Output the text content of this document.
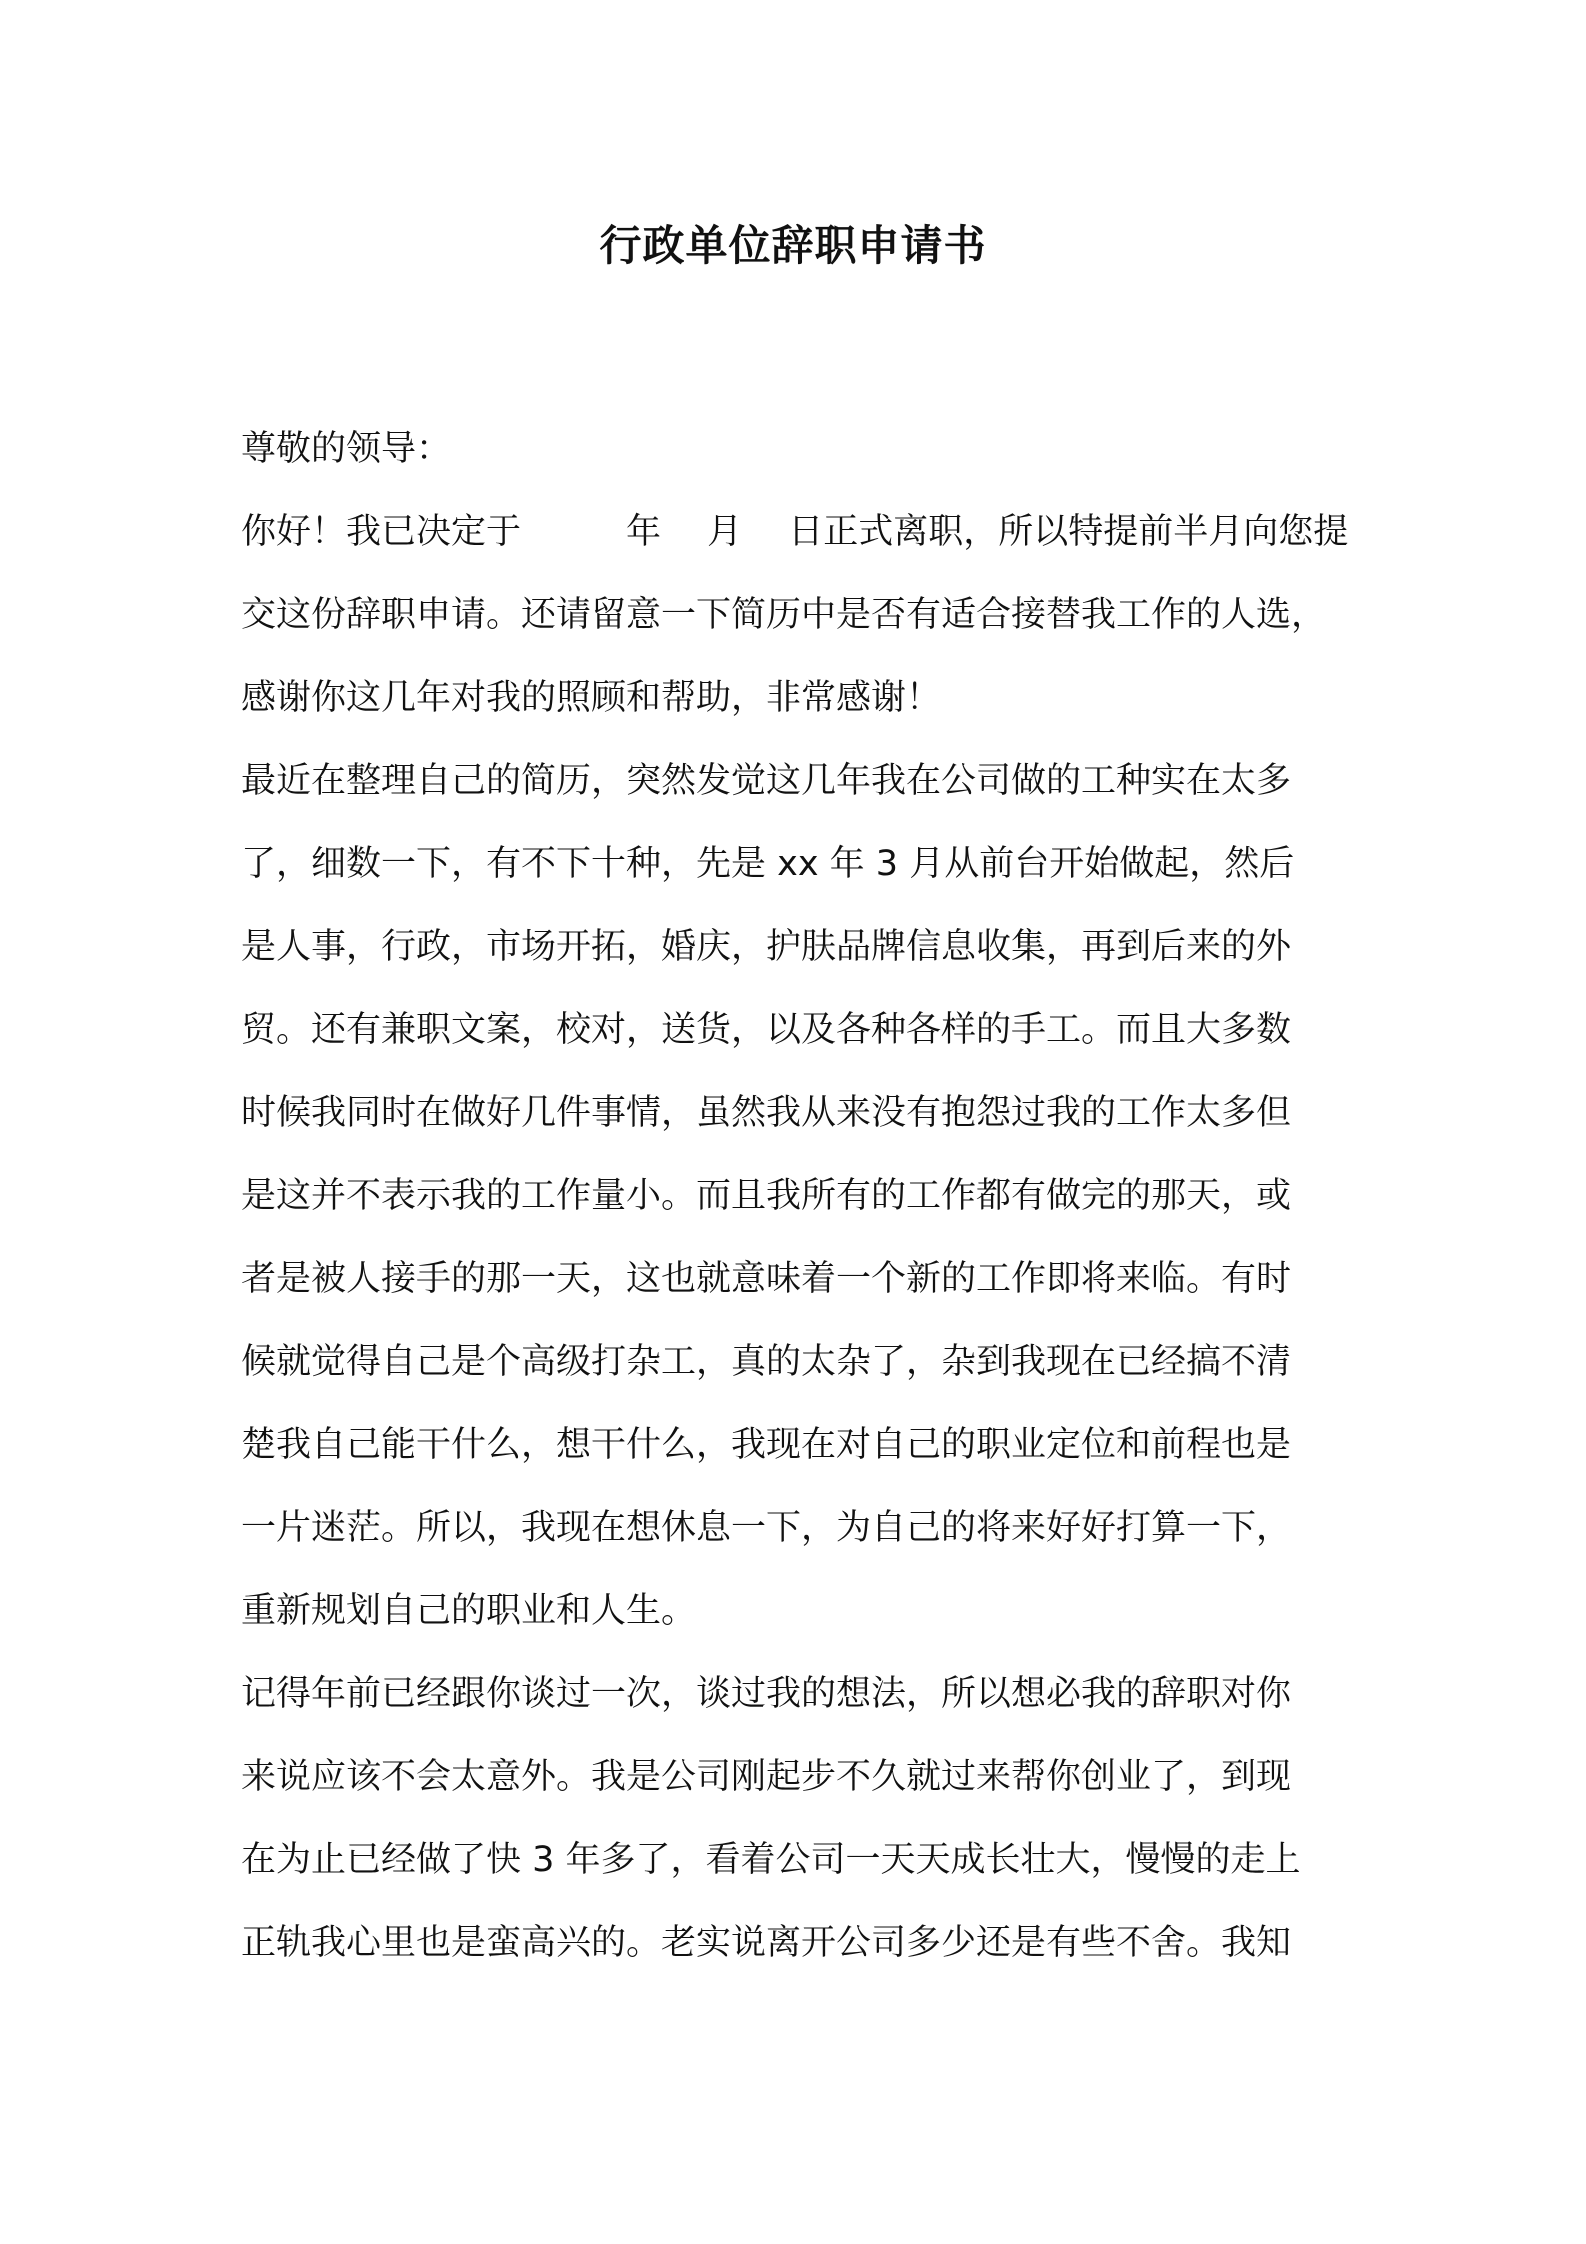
行政单位辞职申请书
尊敬的领导：
你好！我已决定于　　　年　 月　 日正式离职，所以特提前半月向您提
交这份辞职申请。还请留意一下简历中是否有适合接替我工作的人选，
感谢你这几年对我的照顾和帮助，非常感谢！
最近在整理自己的简历，突然发觉这几年我在公司做的工种实在太多
了，细数一下，有不下十种，先是 xx 年 3 月从前台开始做起，然后
是人事，行政，市场开拓，婚庆，护肤品牌信息收集，再到后来的外
贸。还有兼职文案，校对，送货，以及各种各样的手工。而且大多数
时候我同时在做好几件事情，虽然我从来没有抱怨过我的工作太多但
是这并不表示我的工作量小。而且我所有的工作都有做完的那天，或
者是被人接手的那一天，这也就意味着一个新的工作即将来临。有时
候就觉得自己是个高级打杂工，真的太杂了，杂到我现在已经搞不清
楚我自己能干什么，想干什么，我现在对自己的职业定位和前程也是
一片迷茫。所以，我现在想休息一下，为自己的将来好好打算一下，
重新规划自己的职业和人生。
记得年前已经跟你谈过一次，谈过我的想法，所以想必我的辞职对你
来说应该不会太意外。我是公司刚起步不久就过来帮你创业了，到现
在为止已经做了快 3 年多了，看着公司一天天成长壮大，慢慢的走上
正轨我心里也是蛮高兴的。老实说离开公司多少还是有些不舍。我知
